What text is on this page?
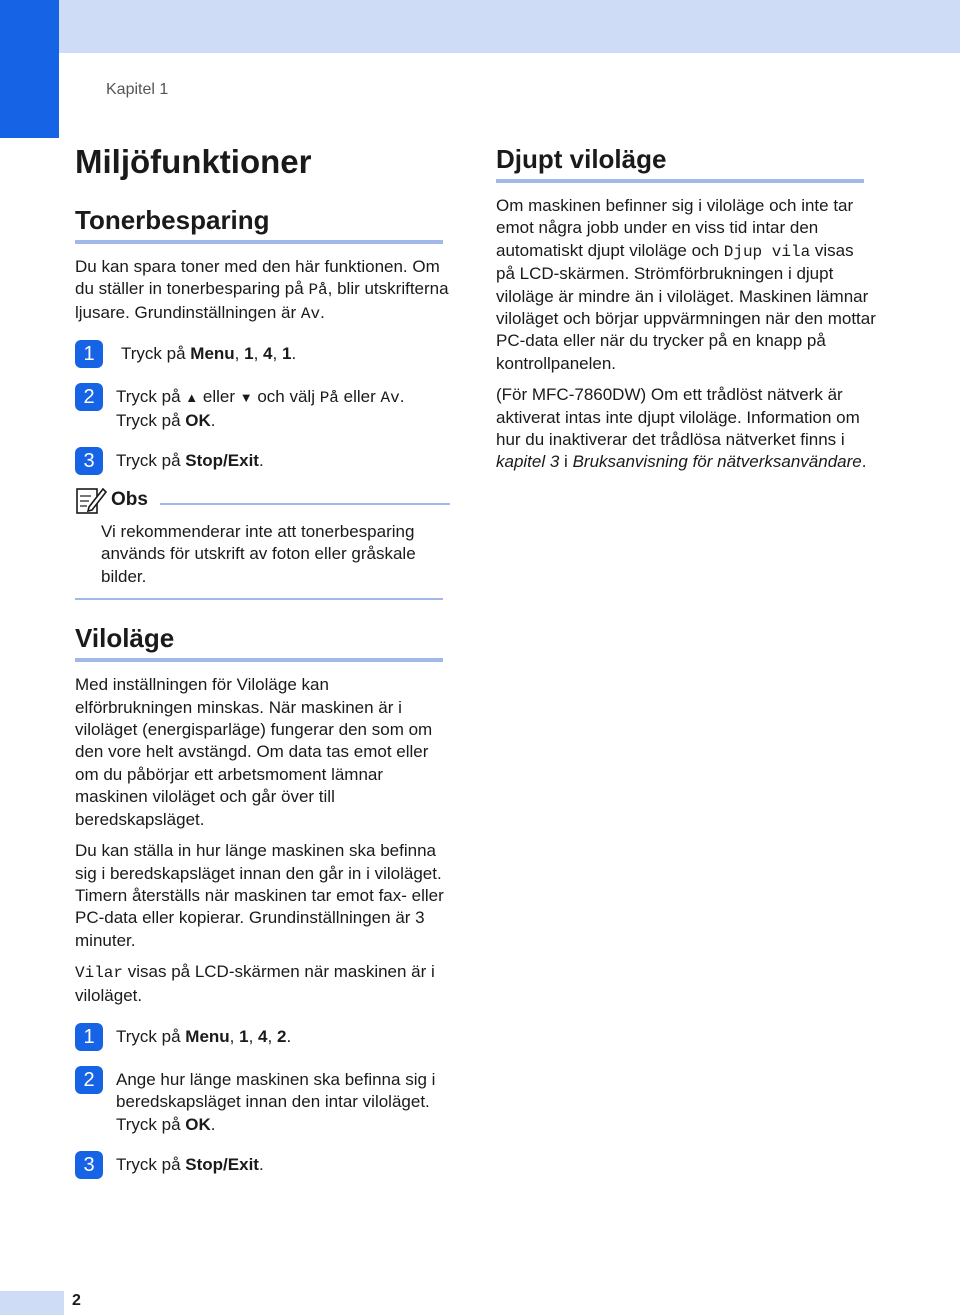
Kapitel 1
Miljöfunktioner
Tonerbesparing

Du kan spara toner med den här funktionen. Om du ställer in tonerbesparing på På, blir utskrifterna ljusare. Grundinställningen är Av.

1	Tryck på Menu, 1, 4, 1.
2	Tryck på ▲ eller ▼ och välj På eller Av.
Tryck på OK.
3	Tryck på Stop/Exit.
Obs

Vi rekommenderar inte att tonerbesparing används för utskrift av foton eller gråskale bilder.

Viloläge

Med inställningen för Viloläge kan elförbrukningen minskas. När maskinen är i viloläget (energisparläge) fungerar den som om den vore helt avstängd. Om data tas emot eller om du påbörjar ett arbetsmoment lämnar maskinen viloläget och går över till beredskapsläget.

Du kan ställa in hur länge maskinen ska befinna sig i beredskapsläget innan den går in i viloläget. Timern återställs när maskinen tar emot fax- eller PC-data eller kopierar. Grundinställningen är 3 minuter.

Vilar visas på LCD-skärmen när maskinen är i viloläget.

1	Tryck på Menu, 1, 4, 2.
2	Ange hur länge maskinen ska befinna sig i beredskapsläget innan den intar viloläget.
Tryck på OK.
3	Tryck på Stop/Exit.
Djupt viloläge

Om maskinen befinner sig i viloläge och inte tar emot några jobb under en viss tid intar den automatiskt djupt viloläge och Djup vila visas på LCD-skärmen. Strömförbrukningen i djupt viloläge är mindre än i viloläget. Maskinen lämnar viloläget och börjar uppvärmningen när den mottar PC-data eller när du trycker på en knapp på kontrollpanelen.

(För MFC-7860DW) Om ett trådlöst nätverk är aktiverat intas inte djupt viloläge. Information om hur du inaktiverar det trådlösa nätverket finns i kapitel 3 i Bruksanvisning för nätverksanvändare.

2
